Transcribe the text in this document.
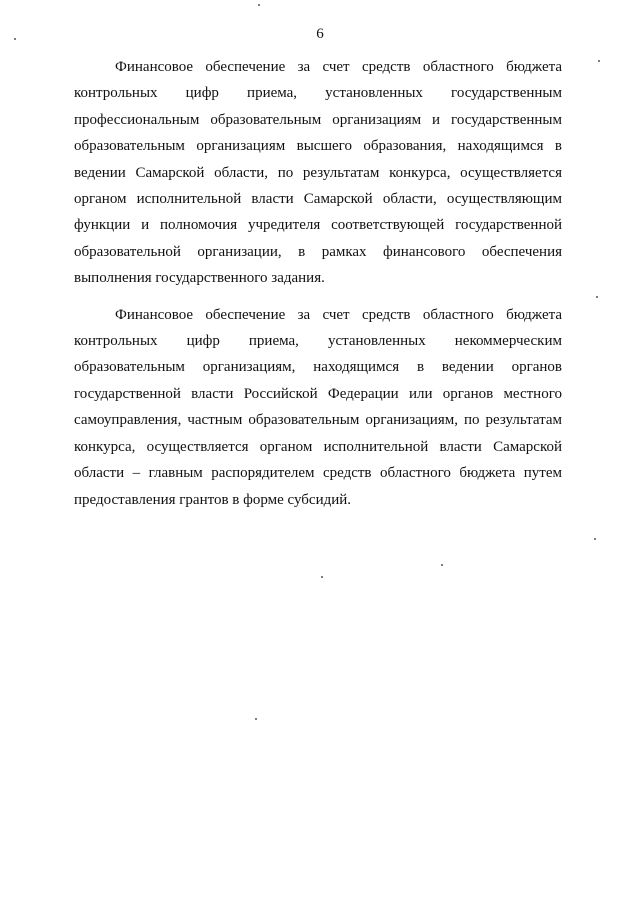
6

Финансовое обеспечение за счет средств областного бюджета контрольных цифр приема, установленных государственным профессиональным образовательным организациям и государственным образовательным организациям высшего образования, находящимся в ведении Самарской области, по результатам конкурса, осуществляется органом исполнительной власти Самарской области, осуществляющим функции и полномочия учредителя соответствующей государственной образовательной организации, в рамках финансового обеспечения выполнения государственного задания.

Финансовое обеспечение за счет средств областного бюджета контрольных цифр приема, установленных некоммерческим образовательным организациям, находящимся в ведении органов государственной власти Российской Федерации или органов местного самоуправления, частным образовательным организациям, по результатам конкурса, осуществляется органом исполнительной власти Самарской области – главным распорядителем средств областного бюджета путем предоставления грантов в форме субсидий.
